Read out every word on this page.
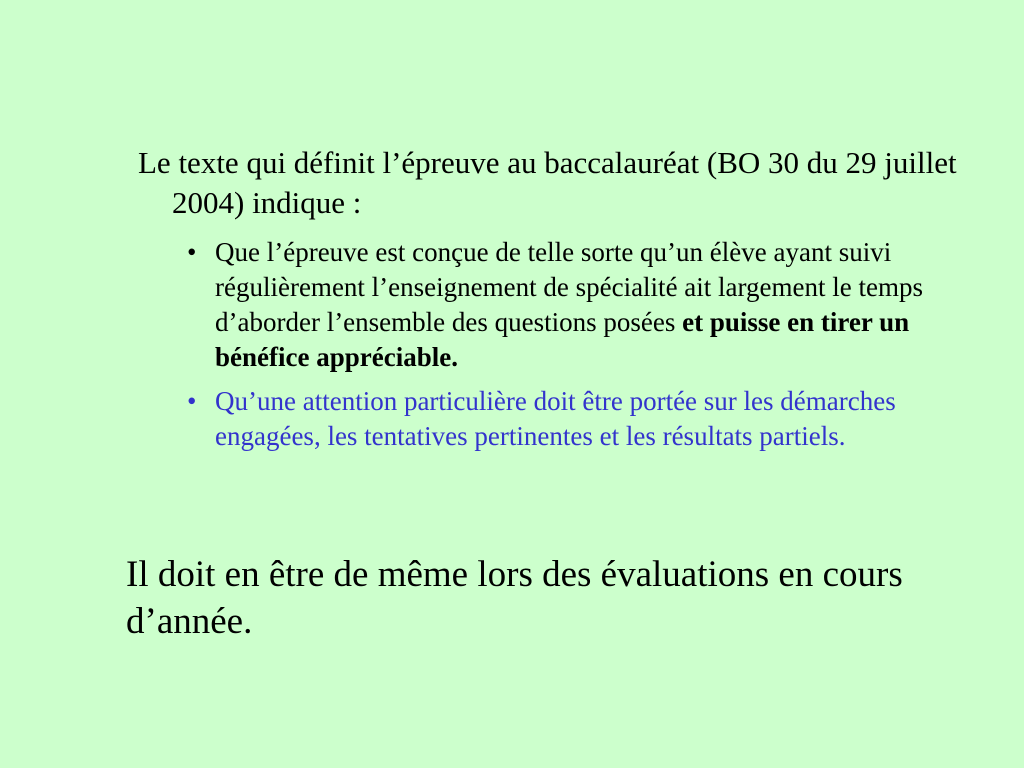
Le texte qui définit l’épreuve au baccalauréat (BO 30 du 29 juillet 2004) indique :

• Que l’épreuve est conçue de telle sorte qu’un élève ayant suivi régulièrement l’enseignement de spécialité ait largement le temps d’aborder l’ensemble des questions posées et puisse en tirer un bénéfice appréciable.
• Qu’une attention particulière doit être portée sur les démarches engagées, les tentatives pertinentes et les résultats partiels.

Il doit en être de même lors des évaluations en cours d’année.
